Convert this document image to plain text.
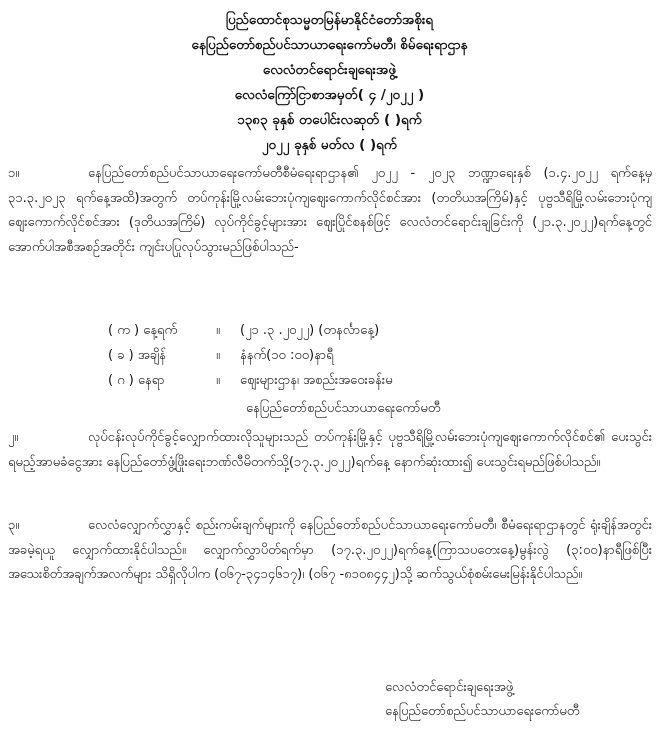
ပြည်ထောင်စုသမ္မတမြန်မာနိုင်ငံတော်အစိုးရ
နေပြည်တော်စည်ပင်သာယာရေးကော်မတီ၊ စိမ်ရေးရာဌာန
လေလံတင်ရောင်းချရေးအဖွဲ့
လေလံကြော်ငြာစာအမှတ်( ၄ /၂၀၂၂ )
၁၃၈၃ ခုနှစ် တပေါင်းလဆုတ် ( )ရက်
၂၀၂၂ ခုနှစ် မတ်လ ( )ရက်
၁။	နေပြည်တော်စည်ပင်သာယာရေးကော်မတီစီမံရေးရာဌာန၏ ၂၀၂၂ - ၂၀၂၃ ဘဏ္ဍာရေးနှစ် (၁.၄.၂၀၂၂ ရက်နေ့မှ ၃၁.၃.၂၀၂၃ ရက်နေ့အထိ)အတွက် တပ်ကုန်းမြို့လမ်းဘေးပုံကျဈေးကောက်လိုင်စင်အား (တတိယအကြိမ်)နှင့် ပုဗ္ဗသီရိမြို့လမ်းဘေးပုံကျ ဈေးကောက်လိုင်စင်အား (ဒုတိယအကြိမ်) လုပ်ကိုင်ခွင့်များအား ဈေးပြိုင်စနစ်ဖြင့် လေလံတင်ရောင်းချခြင်းကို (၂၁.၃.၂၀၂၂)ရက်နေ့တွင် အောက်ပါအစီအစဉ်အတိုင်း ကျင်းပပြုလုပ်သွားမည်ဖြစ်ပါသည်-
( က ) နေ့ရက်	။ (၂၁ .၃ .၂၀၂၂) (တနင်္လာနေ့)
( ခ ) အချိန်	။ နံနက်(၁၀ :၀၀)နာရီ
( ဂ ) နေရာ	။ ဈေးများဌာန၊ အစည်းအဝေးခန်းမ
နေပြည်တော်စည်ပင်သာယာရေးကော်မတီ
၂။	လုပ်ငန်းလုပ်ကိုင်ခွင့်လျှောက်ထားလိုသူများသည် တပ်ကုန်းမြို့နှင့် ပုဗ္ဗသီရိမြို့လမ်းဘေးပုံကျဈေးကောက်လိုင်စင်၏ ပေးသွင်းရမည့်အာမခံငွေအား နေပြည်တော်ဖွံ့ဖြိုးရေးဘဏ်လီမိတက်သို့(၁၇.၃.၂၀၂၂)ရက်နေ့ နောက်ဆုံးထား၍ ပေးသွင်းရမည်ဖြစ်ပါသည်။
၃။	လေလံလျှောက်လွှာနှင့် စည်းကမ်းချက်များကို နေပြည်တော်စည်ပင်သာယာရေးကော်မတီ၊ စီမံရေးရာဌာနတွင် ရုံးချိန်အတွင်း အခမဲ့ရယူ လျှောက်ထားနိုင်ပါသည်။ လျှောက်လွှာပိတ်ရက်မှာ (၁၇.၃.၂၀၂၂)ရက်နေ့(ကြာသပတေးနေ့)မွန်းလွဲ (၃:၀၀)နာရီဖြစ်ပြီး အသေးစိတ်အချက်အလက်များ သိရှိလိုပါက (၀၆၇-၃၄၁၄၆၁၇)၊ (၀၆၇ -၈၁၀၈၄၄၂)သို့ ဆက်သွယ်စုံစမ်းမေးမြန်းနိုင်ပါသည်။
လေလံတင်ရောင်းချရေးအဖွဲ့
နေပြည်တော်စည်ပင်သာယာရေးကော်မတီ
